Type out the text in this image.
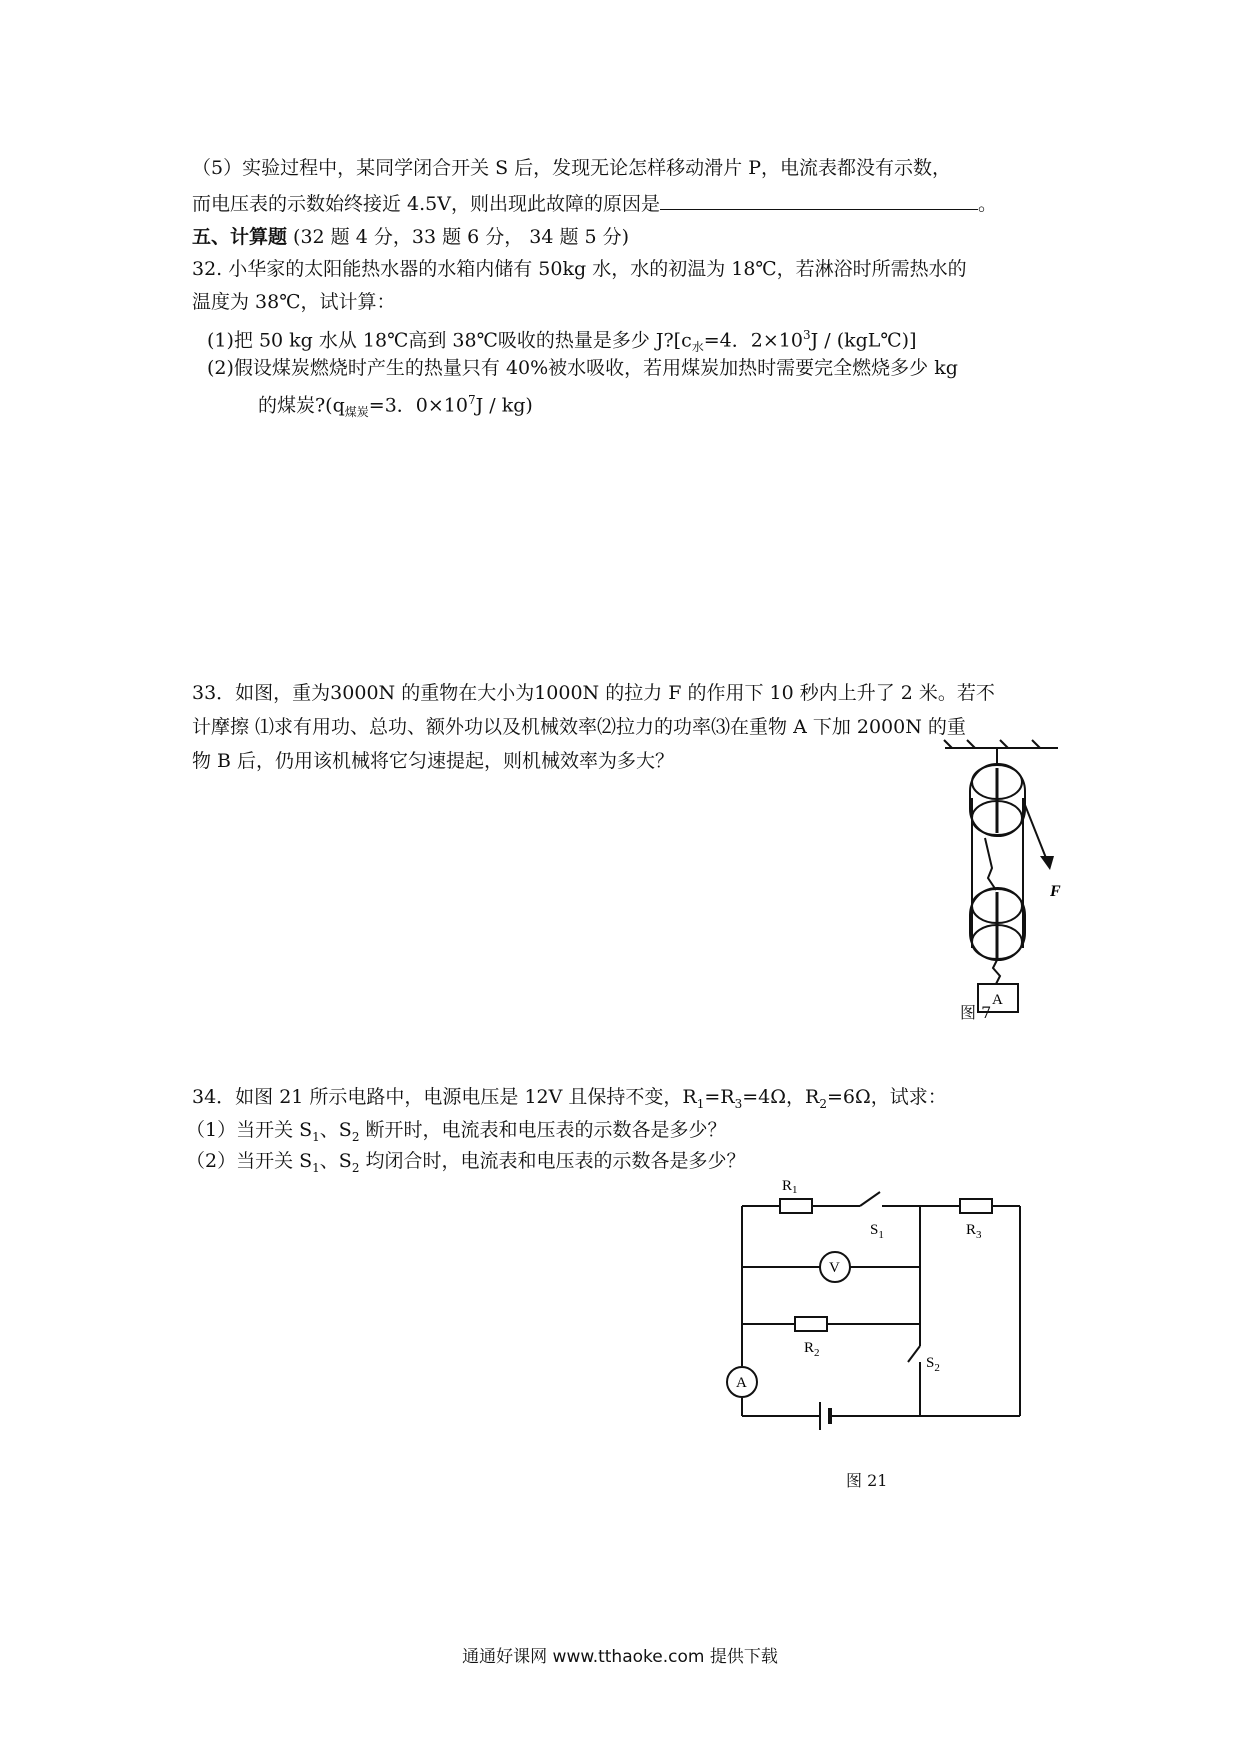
（5）实验过程中，某同学闭合开关 S 后，发现无论怎样移动滑片 P，电流表都没有示数，
而电压表的示数始终接近 4.5V，则出现此故障的原因是	。
五、计算题 (32 题 4 分，33 题 6 分， 34 题 5 分)
32. 小华家的太阳能热水器的水箱内储有 50kg 水，水的初温为 18℃，若淋浴时所需热水的
温度为 38℃，试计算：
(1)把 50 kg 水从 18℃高到 38℃吸收的热量是多少 $J?[c_水=4$．$2\times 10^3J$ / (kgL℃)]
(2)假设煤炭燃烧时产生的热量只有 40%被水吸收，若用煤炭加热时需要完全燃烧多少 kg
的煤炭$?(q_{煤炭}=3$．$0\times 10^7J / kg$)
33．如图，重为3000N 的重物在大小为1000N 的拉力 F 的作用下 10 秒内上升了 2 米。若不
计摩擦 ⑴求有用功、总功、额外功以及机械效率⑵拉力的功率⑶在重物 A 下加 2000N 的重
物 B 后，仍用该机械将它匀速提起，则机械效率为多大？
F
A
图 7
34．如图 21 所示电路中，电源电压是 12V 且保持不变，$R_1=R_3=4\Omega$，$R_2=6\Omega$，试求：
（1）当开关 $S_1$、$S_2$ 断开时，电流表和电压表的示数各是多少？
（2）当开关 $S_1$、$S_2$ 均闭合时，电流表和电压表的示数各是多少？
$R_1$
$S_1$	$R_3$
V
$R_2$
$S_2$
A
图 21
通通好课网 www.tthaoke.com 提供下载
